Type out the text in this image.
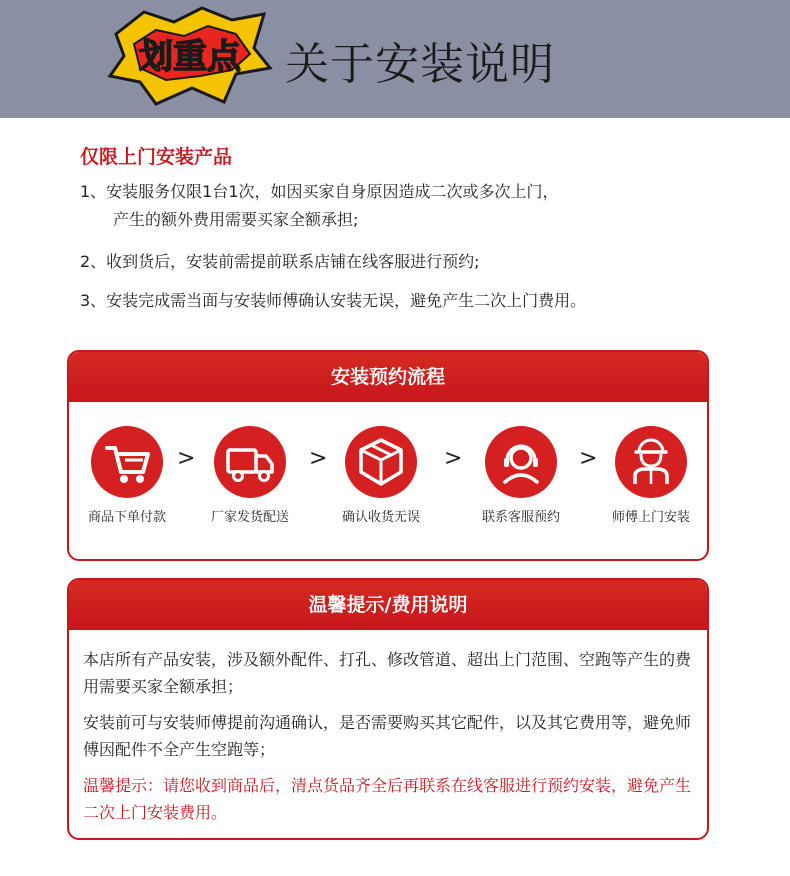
划重点 关于安装说明
仅限上门安装产品
1、安装服务仅限1台1次，如因买家自身原因造成二次或多次上门，
产生的额外费用需要买家全额承担;
2、收到货后，安装前需提前联系店铺在线客服进行预约;
3、安装完成需当面与安装师傅确认安装无误，避免产生二次上门费用。
安装预约流程
商品下单付款
>
厂家发货配送
>
确认收货无误
>
联系客服预约
>
师傅上门安装
温馨提示/费用说明
本店所有产品安装，涉及额外配件、打孔、修改管道、超出上门范围、空跑等产生的费用需要买家全额承担；
安装前可与安装师傅提前沟通确认，是否需要购买其它配件，以及其它费用等，避免师傅因配件不全产生空跑等；
温馨提示：请您收到商品后，清点货品齐全后再联系在线客服进行预约安装，避免产生二次上门安装费用。
